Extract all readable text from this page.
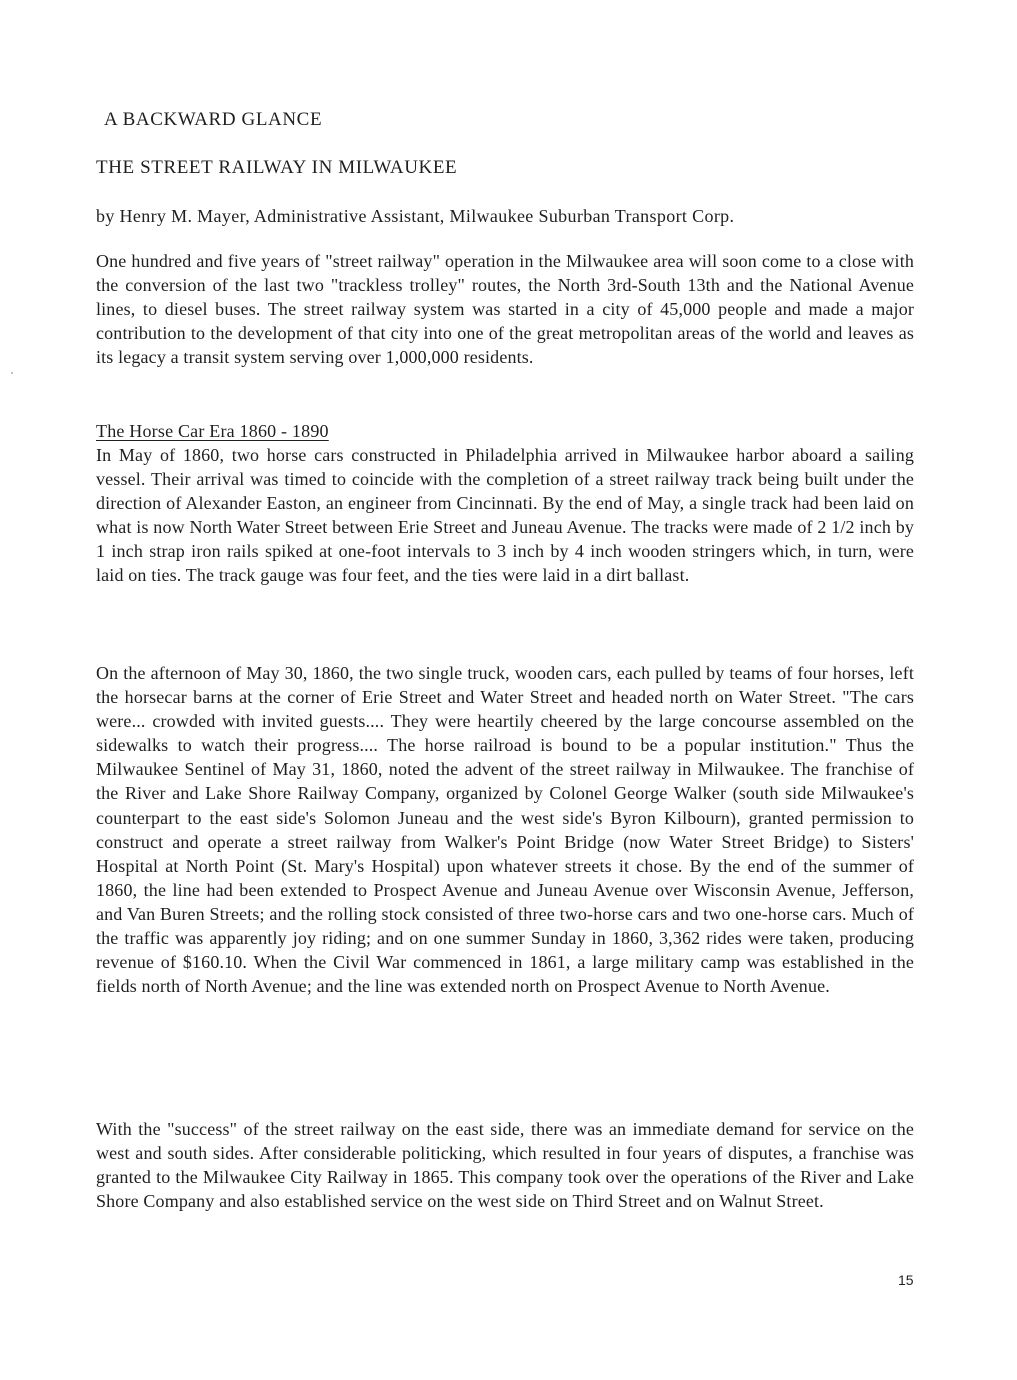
A BACKWARD GLANCE
THE STREET RAILWAY IN MILWAUKEE
by Henry M. Mayer, Administrative Assistant, Milwaukee Suburban Transport Corp.

One hundred and five years of "street railway" operation in the Milwaukee area will soon come to a close with the conversion of the last two "trackless trolley" routes, the North 3rd-South 13th and the National Avenue lines, to diesel buses. The street railway system was started in a city of 45,000 people and made a major contribution to the development of that city into one of the great metropolitan areas of the world and leaves as its legacy a transit system serving over 1,000,000 residents.

The Horse Car Era 1860 - 1890

In May of 1860, two horse cars constructed in Philadelphia arrived in Milwaukee harbor aboard a sailing vessel. Their arrival was timed to coincide with the completion of a street railway track being built under the direction of Alexander Easton, an engineer from Cincinnati. By the end of May, a single track had been laid on what is now North Water Street between Erie Street and Juneau Avenue. The tracks were made of 2 1/2 inch by 1 inch strap iron rails spiked at one-foot intervals to 3 inch by 4 inch wooden stringers which, in turn, were laid on ties. The track gauge was four feet, and the ties were laid in a dirt ballast.

On the afternoon of May 30, 1860, the two single truck, wooden cars, each pulled by teams of four horses, left the horsecar barns at the corner of Erie Street and Water Street and headed north on Water Street. "The cars were... crowded with invited guests.... They were heartily cheered by the large concourse assembled on the sidewalks to watch their progress.... The horse railroad is bound to be a popular institution." Thus the Milwaukee Sentinel of May 31, 1860, noted the advent of the street railway in Milwaukee. The franchise of the River and Lake Shore Railway Company, organized by Colonel George Walker (south side Milwaukee's counterpart to the east side's Solomon Juneau and the west side's Byron Kilbourn), granted permission to construct and operate a street railway from Walker's Point Bridge (now Water Street Bridge) to Sisters' Hospital at North Point (St. Mary's Hospital) upon whatever streets it chose. By the end of the summer of 1860, the line had been extended to Prospect Avenue and Juneau Avenue over Wisconsin Avenue, Jefferson, and Van Buren Streets; and the rolling stock consisted of three two-horse cars and two one-horse cars. Much of the traffic was apparently joy riding; and on one summer Sunday in 1860, 3,362 rides were taken, producing revenue of $160.10. When the Civil War commenced in 1861, a large military camp was established in the fields north of North Avenue; and the line was extended north on Prospect Avenue to North Avenue.

With the "success" of the street railway on the east side, there was an immediate demand for service on the west and south sides. After considerable politicking, which resulted in four years of disputes, a franchise was granted to the Milwaukee City Railway in 1865. This company took over the operations of the River and Lake Shore Company and also established service on the west side on Third Street and on Walnut Street.

15
